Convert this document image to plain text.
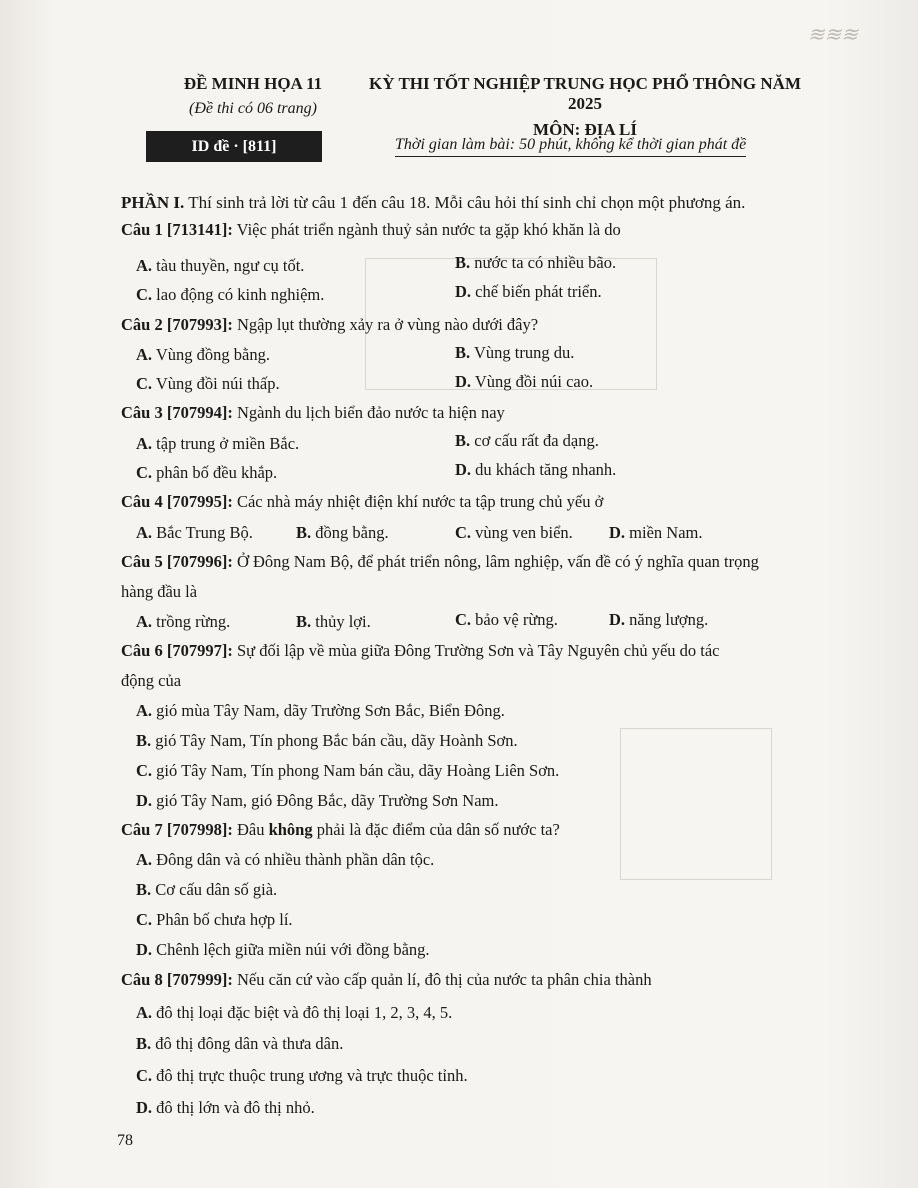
≋≋≋
ĐỀ MINH HỌA 11
(Đề thi có 06 trang)
ID đề · [811]
KỲ THI TỐT NGHIỆP TRUNG HỌC PHỔ THÔNG NĂM 2025
MÔN: ĐỊA LÍ
Thời gian làm bài: 50 phút, không kể thời gian phát đề
PHẦN I. Thí sinh trả lời từ câu 1 đến câu 18. Mỗi câu hỏi thí sinh chỉ chọn một phương án.
Câu 1 [713141]: Việc phát triển ngành thuỷ sản nước ta gặp khó khăn là do
A. tàu thuyền, ngư cụ tốt.	B. nước ta có nhiều bão.
C. lao động có kinh nghiệm.	D. chế biến phát triển.
Câu 2 [707993]: Ngập lụt thường xảy ra ở vùng nào dưới đây?
A. Vùng đồng bằng.	B. Vùng trung du.
C. Vùng đồi núi thấp.	D. Vùng đồi núi cao.
Câu 3 [707994]: Ngành du lịch biển đảo nước ta hiện nay
A. tập trung ở miền Bắc.	B. cơ cấu rất đa dạng.
C. phân bố đều khắp.	D. du khách tăng nhanh.
Câu 4 [707995]: Các nhà máy nhiệt điện khí nước ta tập trung chủ yếu ở
A. Bắc Trung Bộ.	B. đồng bằng.	C. vùng ven biển. D. miền Nam.
Câu 5 [707996]: Ở Đông Nam Bộ, để phát triển nông, lâm nghiệp, vấn đề có ý nghĩa quan trọng
hàng đầu là
A. trồng rừng.	B. thủy lợi.	C. bảo vệ rừng.	D. năng lượng.
Câu 6 [707997]: Sự đối lập về mùa giữa Đông Trường Sơn và Tây Nguyên chủ yếu do tác
động của
A. gió mùa Tây Nam, dãy Trường Sơn Bắc, Biển Đông.
B. gió Tây Nam, Tín phong Bắc bán cầu, dãy Hoành Sơn.
C. gió Tây Nam, Tín phong Nam bán cầu, dãy Hoàng Liên Sơn.
D. gió Tây Nam, gió Đông Bắc, dãy Trường Sơn Nam.
Câu 7 [707998]: Đâu không phải là đặc điểm của dân số nước ta?
A. Đông dân và có nhiều thành phần dân tộc.
B. Cơ cấu dân số già.
C. Phân bố chưa hợp lí.
D. Chênh lệch giữa miền núi với đồng bằng.
Câu 8 [707999]: Nếu căn cứ vào cấp quản lí, đô thị của nước ta phân chia thành
A. đô thị loại đặc biệt và đô thị loại 1, 2, 3, 4, 5.
B. đô thị đông dân và thưa dân.
C. đô thị trực thuộc trung ương và trực thuộc tỉnh.
D. đô thị lớn và đô thị nhỏ.
78
